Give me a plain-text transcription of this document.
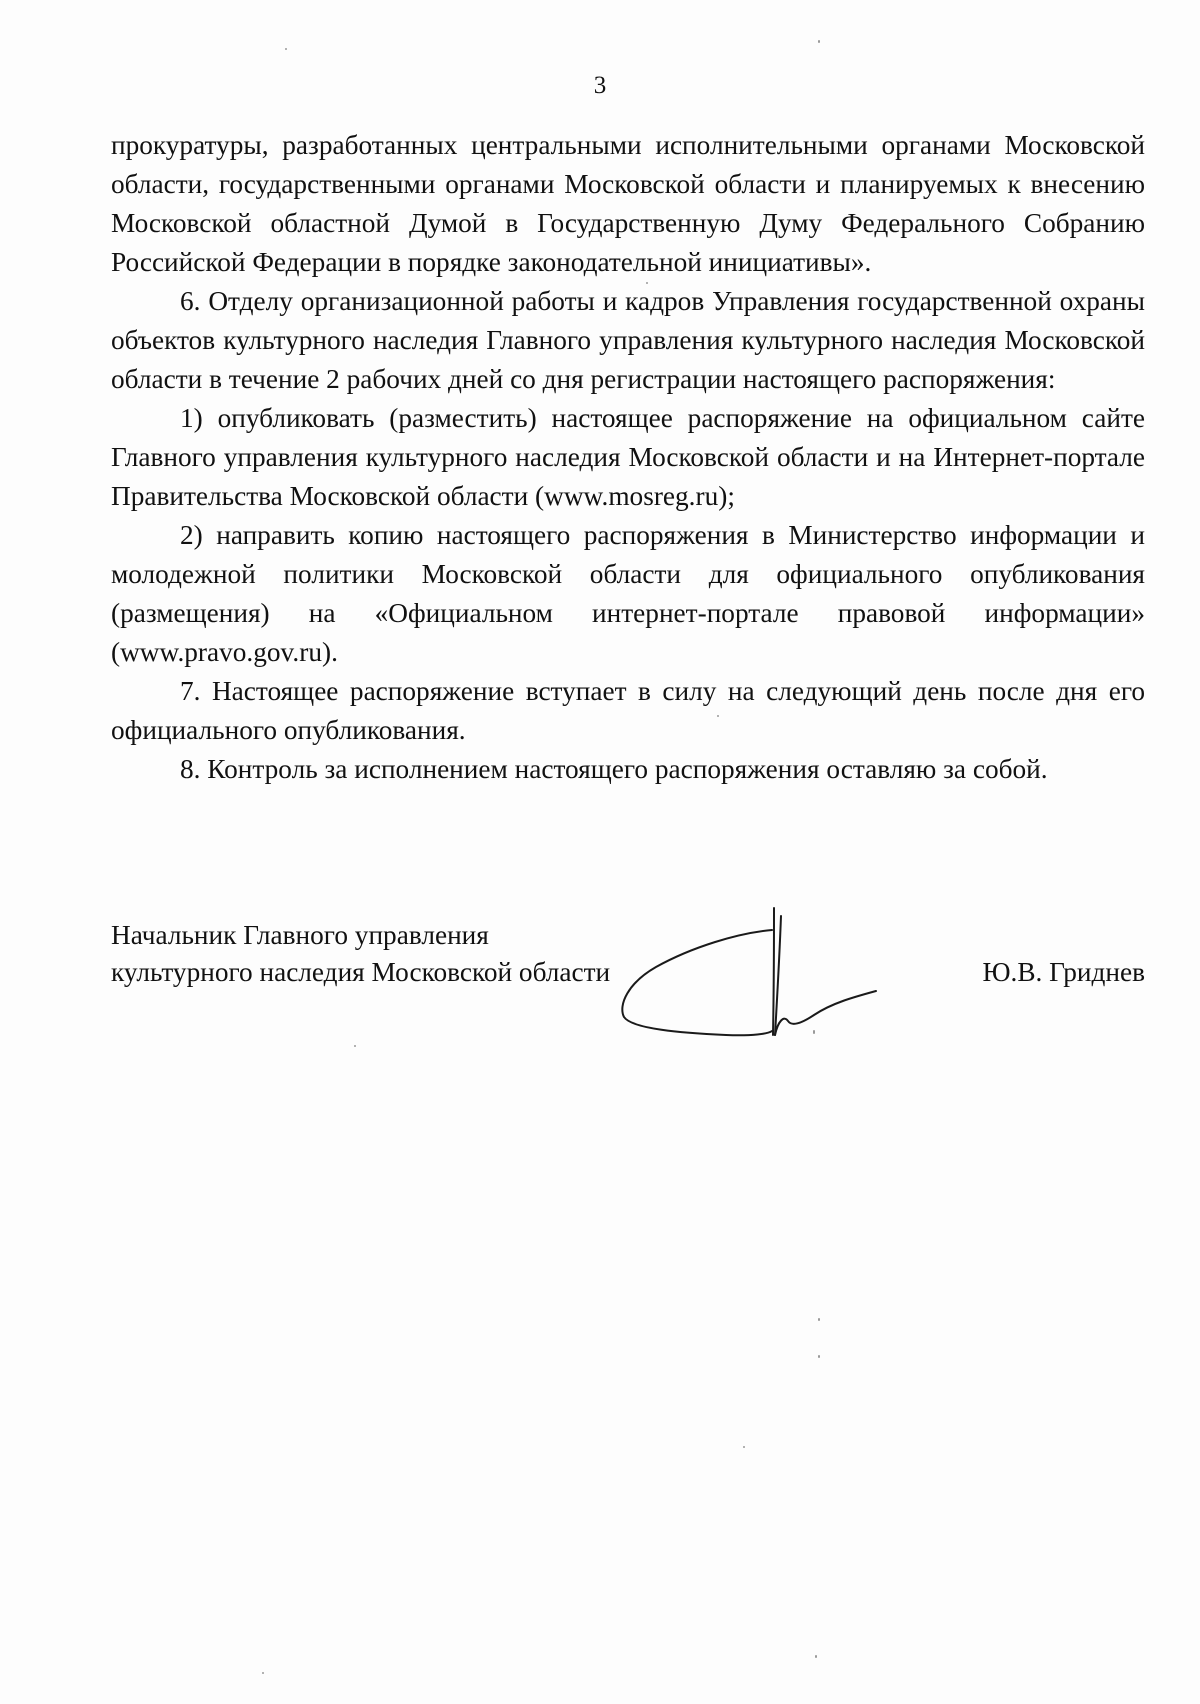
3

прокуратуры, разработанных центральными исполнительными органами Московской области, государственными органами Московской области и планируемых к внесению Московской областной Думой в Государственную Думу Федерального Собранию Российской Федерации в порядке законодательной инициативы».

6. Отделу организационной работы и кадров Управления государственной охраны объектов культурного наследия Главного управления культурного наследия Московской области в течение 2 рабочих дней со дня регистрации настоящего распоряжения:

1) опубликовать (разместить) настоящее распоряжение на официальном сайте Главного управления культурного наследия Московской области и на Интернет-портале Правительства Московской области (www.mosreg.ru);

2) направить копию настоящего распоряжения в Министерство информации и молодежной политики Московской области для официального опубликования (размещения) на «Официальном интернет-портале правовой информации» (www.pravo.gov.ru).

7. Настоящее распоряжение вступает в силу на следующий день после дня его официального опубликования.

8. Контроль за исполнением настоящего распоряжения оставляю за собой.

Начальник Главного управления
культурного наследия Московской области	Ю.В. Гриднев
